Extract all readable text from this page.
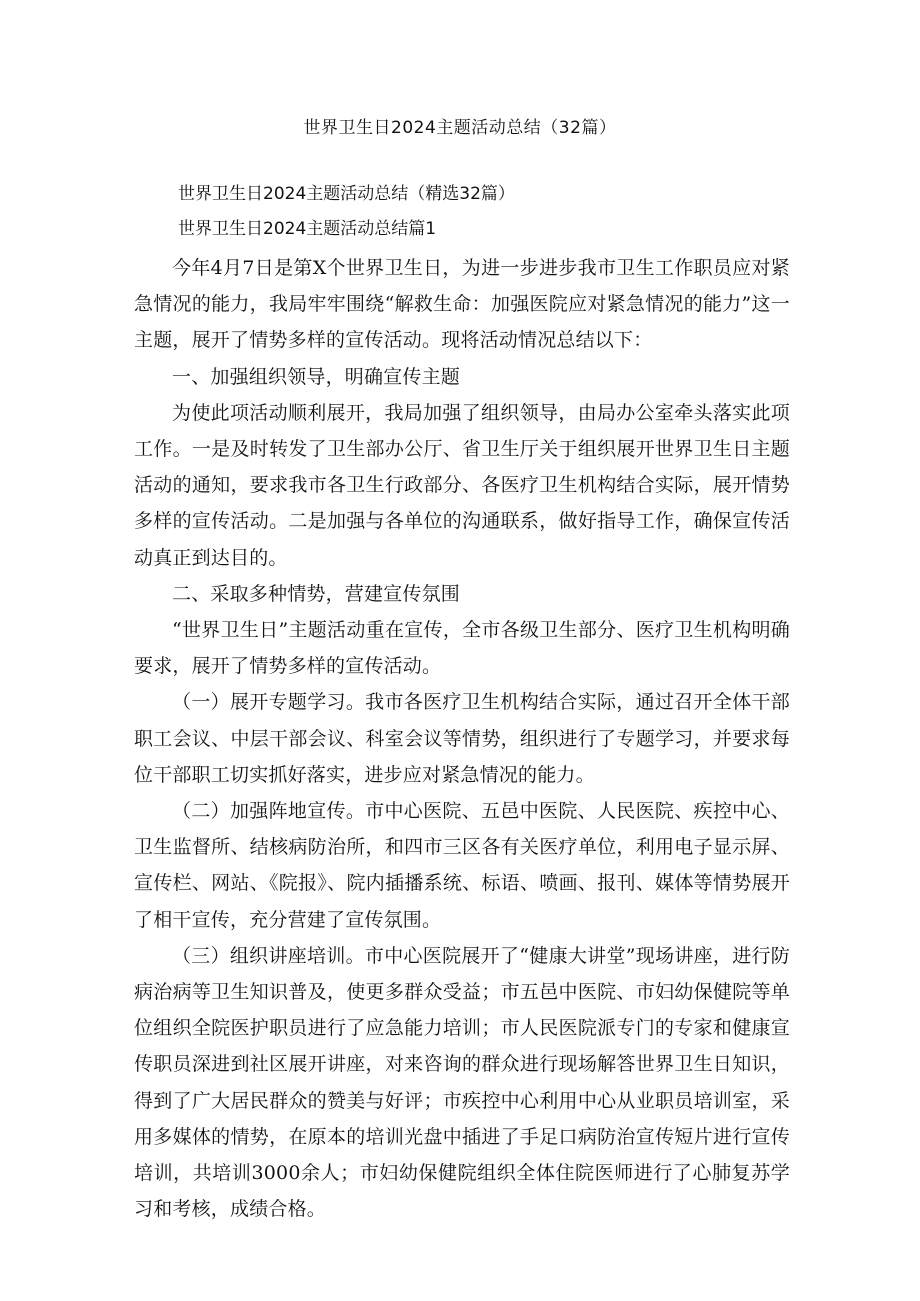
世界卫生日2024主题活动总结（32篇）
世界卫生日2024主题活动总结（精选32篇）
世界卫生日2024主题活动总结篇1

今年4月7日是第X个世界卫生日，为进一步进步我市卫生工作职员应对紧急情况的能力，我局牢牢围绕“解救生命：加强医院应对紧急情况的能力”这一主题，展开了情势多样的宣传活动。现将活动情况总结以下：

一、加强组织领导，明确宣传主题

为使此项活动顺利展开，我局加强了组织领导，由局办公室牵头落实此项工作。一是及时转发了卫生部办公厅、省卫生厅关于组织展开世界卫生日主题活动的通知，要求我市各卫生行政部分、各医疗卫生机构结合实际，展开情势多样的宣传活动。二是加强与各单位的沟通联系，做好指导工作，确保宣传活动真正到达目的。

二、采取多种情势，营建宣传氛围

“世界卫生日”主题活动重在宣传，全市各级卫生部分、医疗卫生机构明确要求，展开了情势多样的宣传活动。

（一）展开专题学习。我市各医疗卫生机构结合实际，通过召开全体干部职工会议、中层干部会议、科室会议等情势，组织进行了专题学习，并要求每位干部职工切实抓好落实，进步应对紧急情况的能力。

（二）加强阵地宣传。市中心医院、五邑中医院、人民医院、疾控中心、卫生监督所、结核病防治所，和四市三区各有关医疗单位，利用电子显示屏、宣传栏、网站、《院报》、院内插播系统、标语、喷画、报刊、媒体等情势展开了相干宣传，充分营建了宣传氛围。

（三）组织讲座培训。市中心医院展开了“健康大讲堂”现场讲座，进行防病治病等卫生知识普及，使更多群众受益；市五邑中医院、市妇幼保健院等单位组织全院医护职员进行了应急能力培训；市人民医院派专门的专家和健康宣传职员深进到社区展开讲座，对来咨询的群众进行现场解答世界卫生日知识，得到了广大居民群众的赞美与好评；市疾控中心利用中心从业职员培训室，采用多媒体的情势，在原本的培训光盘中插进了手足口病防治宣传短片进行宣传培训，共培训3000余人；市妇幼保健院组织全体住院医师进行了心肺复苏学习和考核，成绩合格。
